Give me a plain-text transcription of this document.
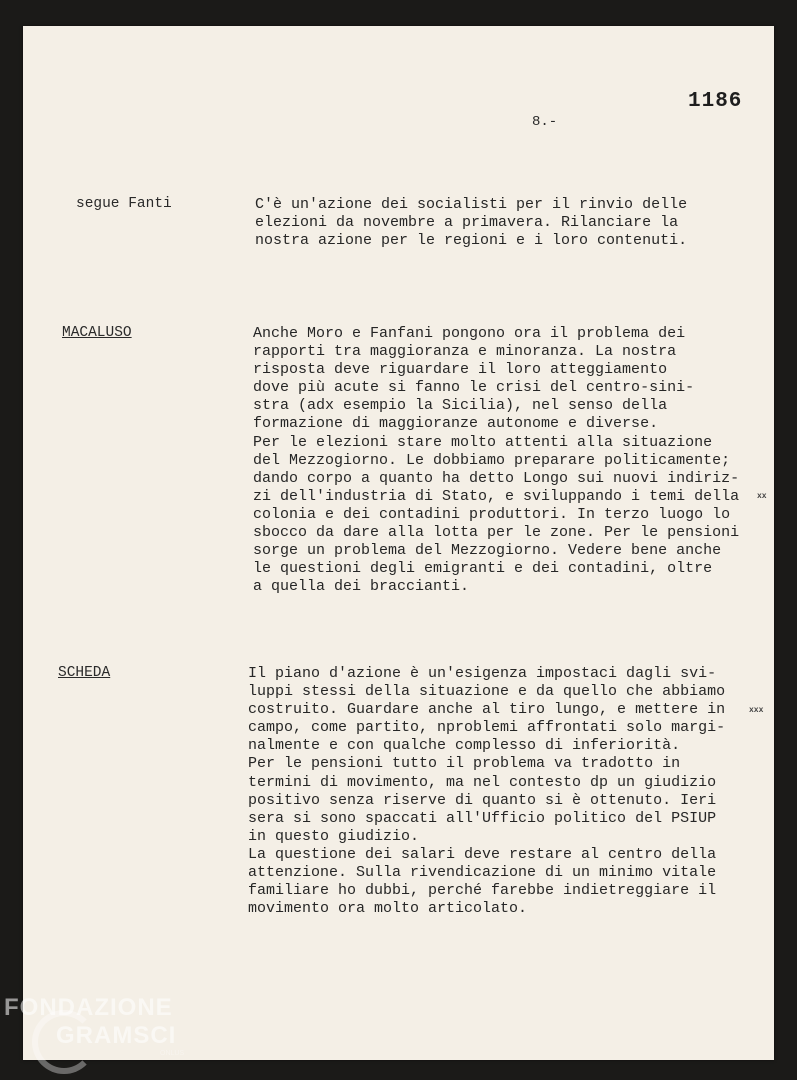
1186
8.-
segue Fanti	C'è un'azione dei socialisti per il rinvio delle
elezioni da novembre a primavera. Rilanciare la
nostra azione per le regioni e i loro contenuti.
MACALUSO	Anche Moro e Fanfani pongono ora il problema dei
rapporti tra maggioranza e minoranza. La nostra
risposta deve riguardare il loro atteggiamento
dove più acute si fanno le crisi del centro-sini-
stra (adx esempio la Sicilia), nel senso della
formazione di maggioranze autonome e diverse.
Per le elezioni stare molto attenti alla situazione
del Mezzogiorno. Le dobbiamo preparare politicamente;
dando corpo a quanto ha detto Longo sui nuovi indiriz-
zi dell'industria di Stato, e sviluppando i temi della
colonia e dei contadini produttori. In terzo luogo lo
sbocco da dare alla lotta per le zone. Per le pensioni
sorge un problema del Mezzogiorno. Vedere bene anche
le questioni degli emigranti e dei contadini, oltre
a quella dei braccianti.
xx
SCHEDA	Il piano d'azione è un'esigenza impostaci dagli svi-
luppi stessi della situazione e da quello che abbiamo
costruito. Guardare anche al tiro lungo, e mettere in
campo, come partito, nproblemi affrontati solo margi-
nalmente e con qualche complesso di inferiorità.
Per le pensioni tutto il problema va tradotto in
termini di movimento, ma nel contesto dp un giudizio
positivo senza riserve di quanto si è ottenuto. Ieri
sera si sono spaccati all'Ufficio politico del PSIUP
in questo giudizio.
La questione dei salari deve restare al centro della
attenzione. Sulla rivendicazione di un minimo vitale
familiare ho dubbi, perché farebbe indietreggiare il
movimento ora molto articolato.
xxx
FONDAZIONE
GRAMSCI
ONLUS
